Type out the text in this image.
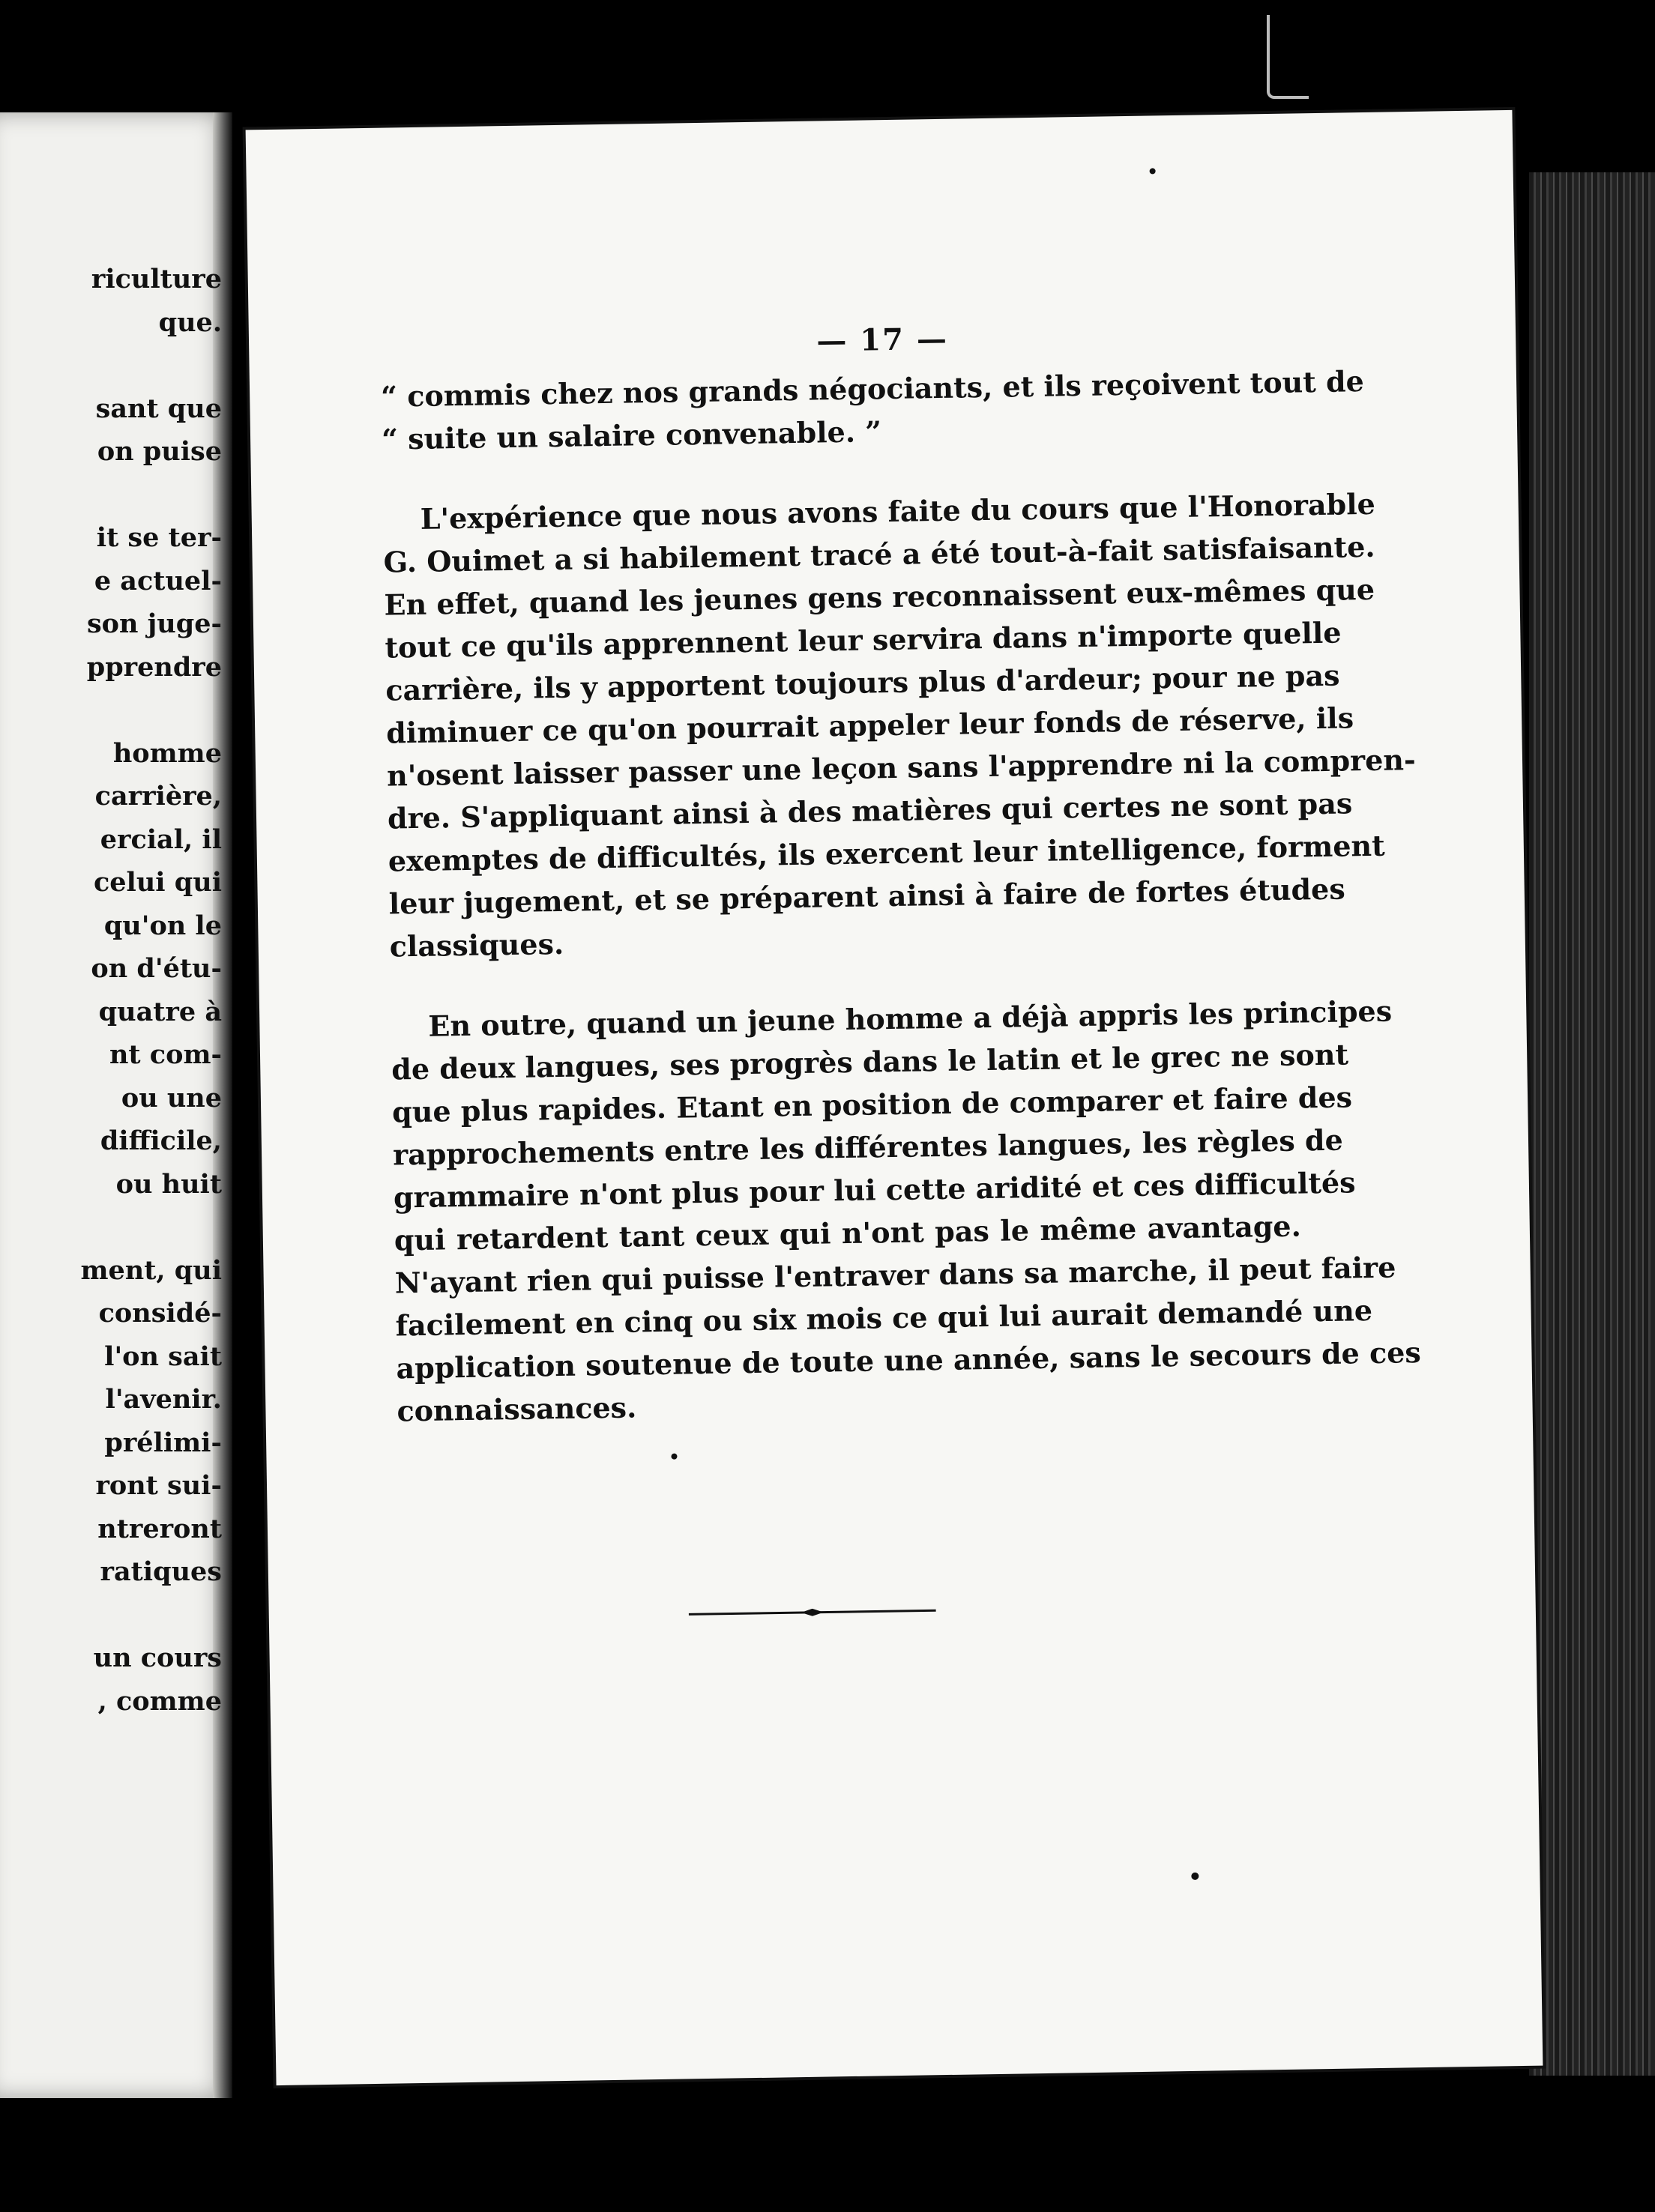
riculture
que.
sant que
on puise
it se ter-
e actuel-
son juge-
pprendre
homme
carrière,
ercial, il
celui qui
qu'on le
on d'étu-
quatre à
nt com-
ou une
difficile,
ou huit
ment, qui
considé-
l'on sait
l'avenir.
prélimi-
ront sui-
ntreront
ratiques
un cours
, comme
— 17 —
“ commis chez nos grands négociants, et ils reçoivent tout de
“ suite un salaire convenable. ”
L'expérience que nous avons faite du cours que l'Honorable
G. Ouimet a si habilement tracé a été tout-à-fait satisfaisante.
En effet, quand les jeunes gens reconnaissent eux-mêmes que
tout ce qu'ils apprennent leur servira dans n'importe quelle
carrière, ils y apportent toujours plus d'ardeur; pour ne pas
diminuer ce qu'on pourrait appeler leur fonds de réserve, ils
n'osent laisser passer une leçon sans l'apprendre ni la compren-
dre. S'appliquant ainsi à des matières qui certes ne sont pas
exemptes de difficultés, ils exercent leur intelligence, forment
leur jugement, et se préparent ainsi à faire de fortes études
classiques.
En outre, quand un jeune homme a déjà appris les principes
de deux langues, ses progrès dans le latin et le grec ne sont
que plus rapides. Etant en position de comparer et faire des
rapprochements entre les différentes langues, les règles de
grammaire n'ont plus pour lui cette aridité et ces difficultés
qui retardent tant ceux qui n'ont pas le même avantage.
N'ayant rien qui puisse l'entraver dans sa marche, il peut faire
facilement en cinq ou six mois ce qui lui aurait demandé une
application soutenue de toute une année, sans le secours de ces
connaissances.
